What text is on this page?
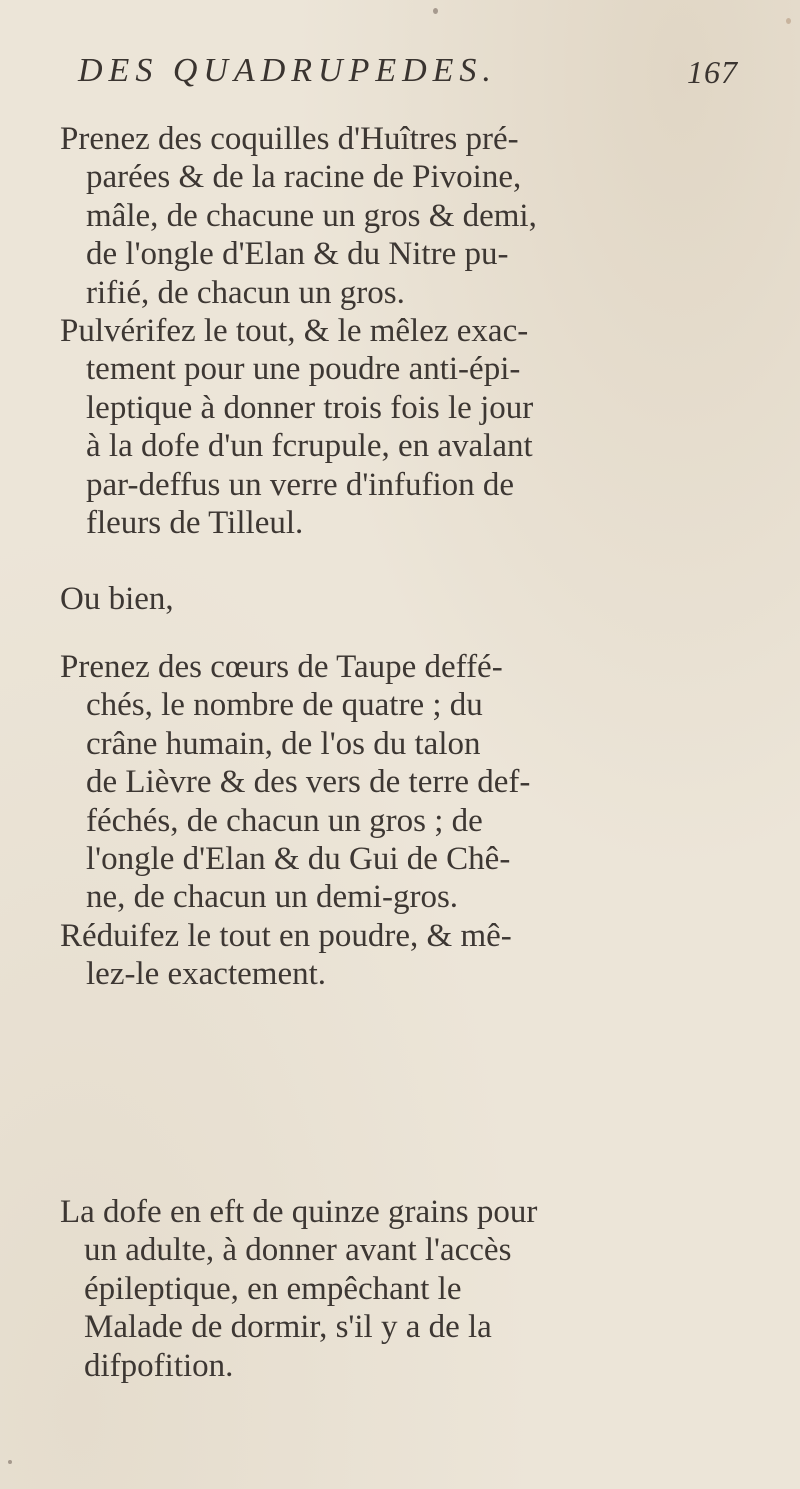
DES QUADRUPEDES.	167

Prenez des coquilles d'Huîtres pré-
parées & de la racine de Pivoine,
mâle, de chacune un gros & demi,
de l'ongle d'Elan & du Nitre pu-
rifié, de chacun un gros.
Pulvérifez le tout, & le mêlez exac-
tement pour une poudre anti-épi-
leptique à donner trois fois le jour
à la dofe d'un fcrupule, en avalant
par-deffus un verre d'infufion de
fleurs de Tilleul.

Ou bien,

Prenez des cœurs de Taupe deffé-
chés, le nombre de quatre ; du
crâne humain, de l'os du talon
de Lièvre & des vers de terre def-
féchés, de chacun un gros ; de
l'ongle d'Elan & du Gui de Chê-
ne, de chacun un demi-gros.
Réduifez le tout en poudre, & mê-
lez-le exactement.

La dofe en eft de quinze grains pour
un adulte, à donner avant l'accès
épileptique, en empêchant le
Malade de dormir, s'il y a de la
difpofition.
